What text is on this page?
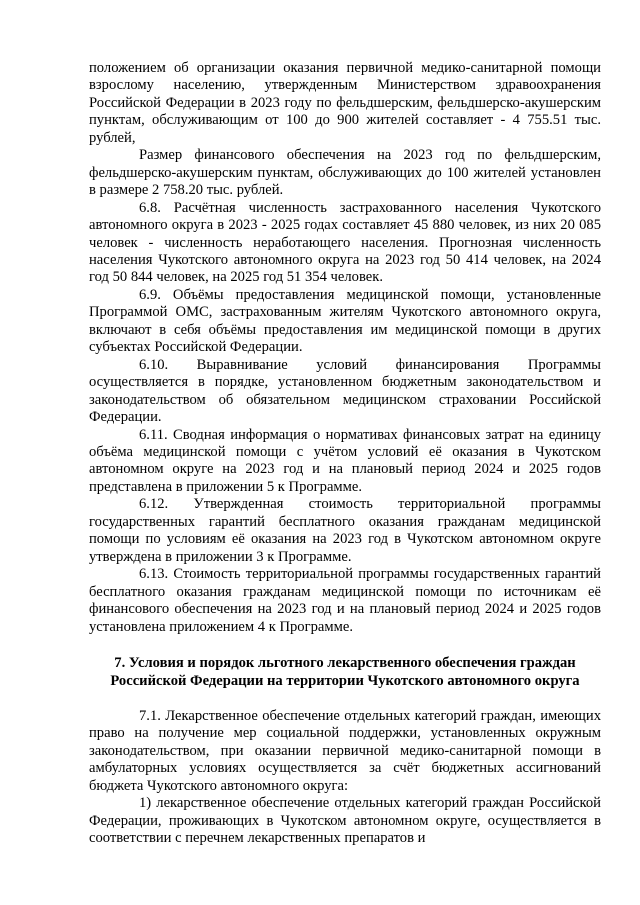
положением об организации оказания первичной медико-санитарной помощи взрослому населению, утвержденным Министерством здравоохранения Российской Федерации в 2023 году по фельдшерским, фельдшерско-акушерским пунктам, обслуживающим от 100 до 900 жителей составляет - 4 755.51 тыс. рублей,

Размер финансового обеспечения на 2023 год по фельдшерским, фельдшерско-акушерским пунктам, обслуживающих до 100 жителей установлен в размере 2 758.20 тыс. рублей.

6.8. Расчётная численность застрахованного населения Чукотского автономного округа в 2023 - 2025 годах составляет 45 880 человек, из них 20 085 человек - численность неработающего населения. Прогнозная численность населения Чукотского автономного округа на 2023 год 50 414 человек, на 2024 год 50 844 человек, на 2025 год 51 354 человек.

6.9. Объёмы предоставления медицинской помощи, установленные Программой ОМС, застрахованным жителям Чукотского автономного округа, включают в себя объёмы предоставления им медицинской помощи в других субъектах Российской Федерации.

6.10. Выравнивание условий финансирования Программы осуществляется в порядке, установленном бюджетным законодательством и законодательством об обязательном медицинском страховании Российской Федерации.

6.11. Сводная информация о нормативах финансовых затрат на единицу объёма медицинской помощи с учётом условий её оказания в Чукотском автономном округе на 2023 год и на плановый период 2024 и 2025 годов представлена в приложении 5 к Программе.

6.12. Утвержденная стоимость территориальной программы государственных гарантий бесплатного оказания гражданам медицинской помощи по условиям её оказания на 2023 год в Чукотском автономном округе утверждена в приложении 3 к Программе.

6.13. Стоимость территориальной программы государственных гарантий бесплатного оказания гражданам медицинской помощи по источникам её финансового обеспечения на 2023 год и на плановый период 2024 и 2025 годов установлена приложением 4 к Программе.

7. Условия и порядок льготного лекарственного обеспечения граждан Российской Федерации на территории Чукотского автономного округа

7.1. Лекарственное обеспечение отдельных категорий граждан, имеющих право на получение мер социальной поддержки, установленных окружным законодательством, при оказании первичной медико-санитарной помощи в амбулаторных условиях осуществляется за счёт бюджетных ассигнований бюджета Чукотского автономного округа:

1) лекарственное обеспечение отдельных категорий граждан Российской Федерации, проживающих в Чукотском автономном округе, осуществляется в соответствии с перечнем лекарственных препаратов и
